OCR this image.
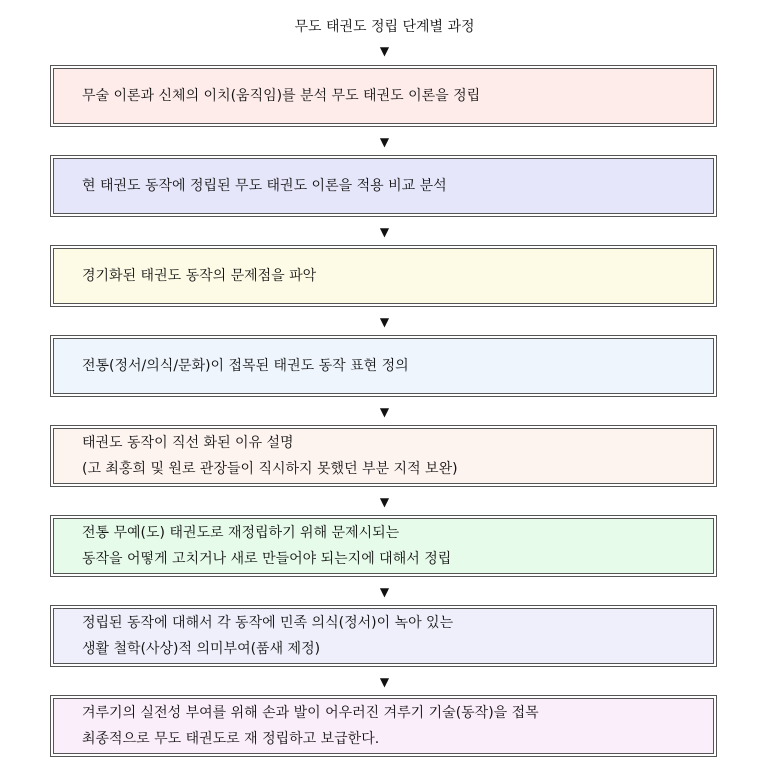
무도 태권도 정립 단계별 과정
▼
▼
▼
▼
▼
▼
▼
▼
무술 이론과 신체의 이치(움직임)를 분석 무도 태권도 이론을 정립
현 태권도 동작에 정립된 무도 태권도 이론을 적용 비교 분석
경기화된 태권도 동작의 문제점을 파악
전통(정서/의식/문화)이 접목된 태권도 동작 표현 정의
태권도 동작이 직선 화된 이유 설명
(고 최홍희 및 원로 관장들이 직시하지 못했던 부분 지적 보완)
전통 무예(도) 태권도로 재정립하기 위해 문제시되는
동작을 어떻게 고치거나 새로 만들어야 되는지에 대해서 정립
정립된 동작에 대해서 각 동작에 민족 의식(정서)이 녹아 있는
생활 철학(사상)적 의미부여(품새 제정)
겨루기의 실전성 부여를 위해 손과 발이 어우러진 겨루기 기술(동작)을 접목
최종적으로 무도 태권도로 재 정립하고 보급한다.
